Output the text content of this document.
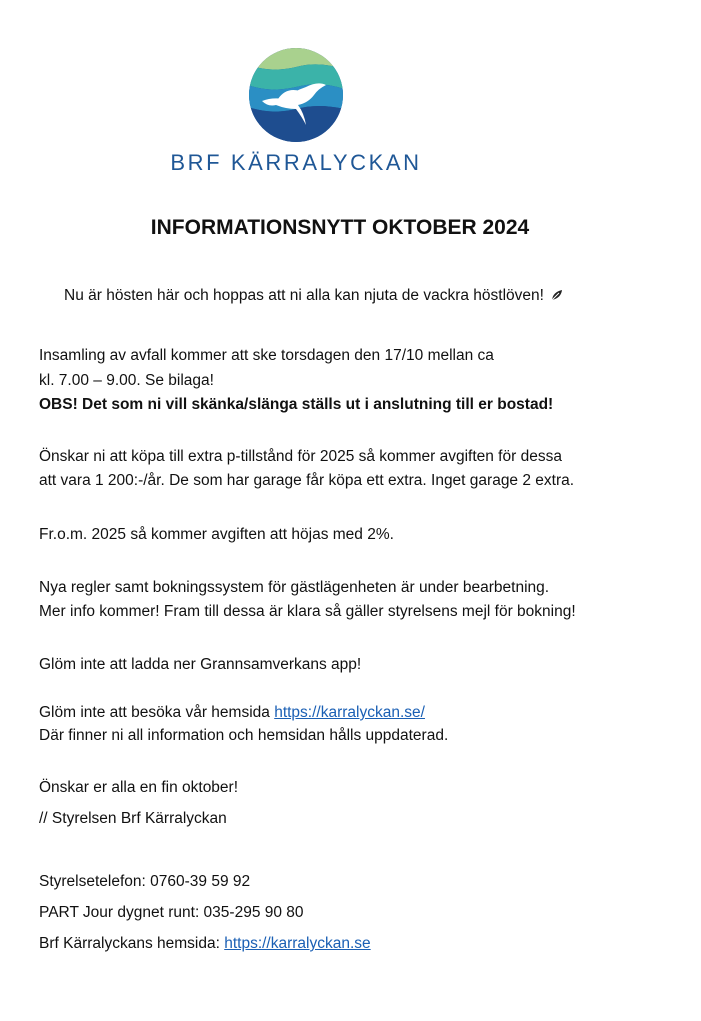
BRF KÄRRALYCKAN
INFORMATIONSNYTT OKTOBER 2024
Nu är hösten här och hoppas att ni alla kan njuta de vackra höstlöven!
Insamling av avfall kommer att ske torsdagen den 17/10 mellan ca
kl. 7.00 – 9.00. Se bilaga!
OBS! Det som ni vill skänka/slänga ställs ut i anslutning till er bostad!
Önskar ni att köpa till extra p-tillstånd för 2025 så kommer avgiften för dessa
att vara 1 200:-/år. De som har garage får köpa ett extra. Inget garage 2 extra.
Fr.o.m. 2025 så kommer avgiften att höjas med 2%.
Nya regler samt bokningssystem för gästlägenheten är under bearbetning.
Mer info kommer! Fram till dessa är klara så gäller styrelsens mejl för bokning!
Glöm inte att ladda ner Grannsamverkans app!
Glöm inte att besöka vår hemsida https://karralyckan.se/
Där finner ni all information och hemsidan hålls uppdaterad.
Önskar er alla en fin oktober!
// Styrelsen Brf Kärralyckan
Styrelsetelefon: 0760-39 59 92
PART Jour dygnet runt: 035-295 90 80
Brf Kärralyckans hemsida: https://karralyckan.se
